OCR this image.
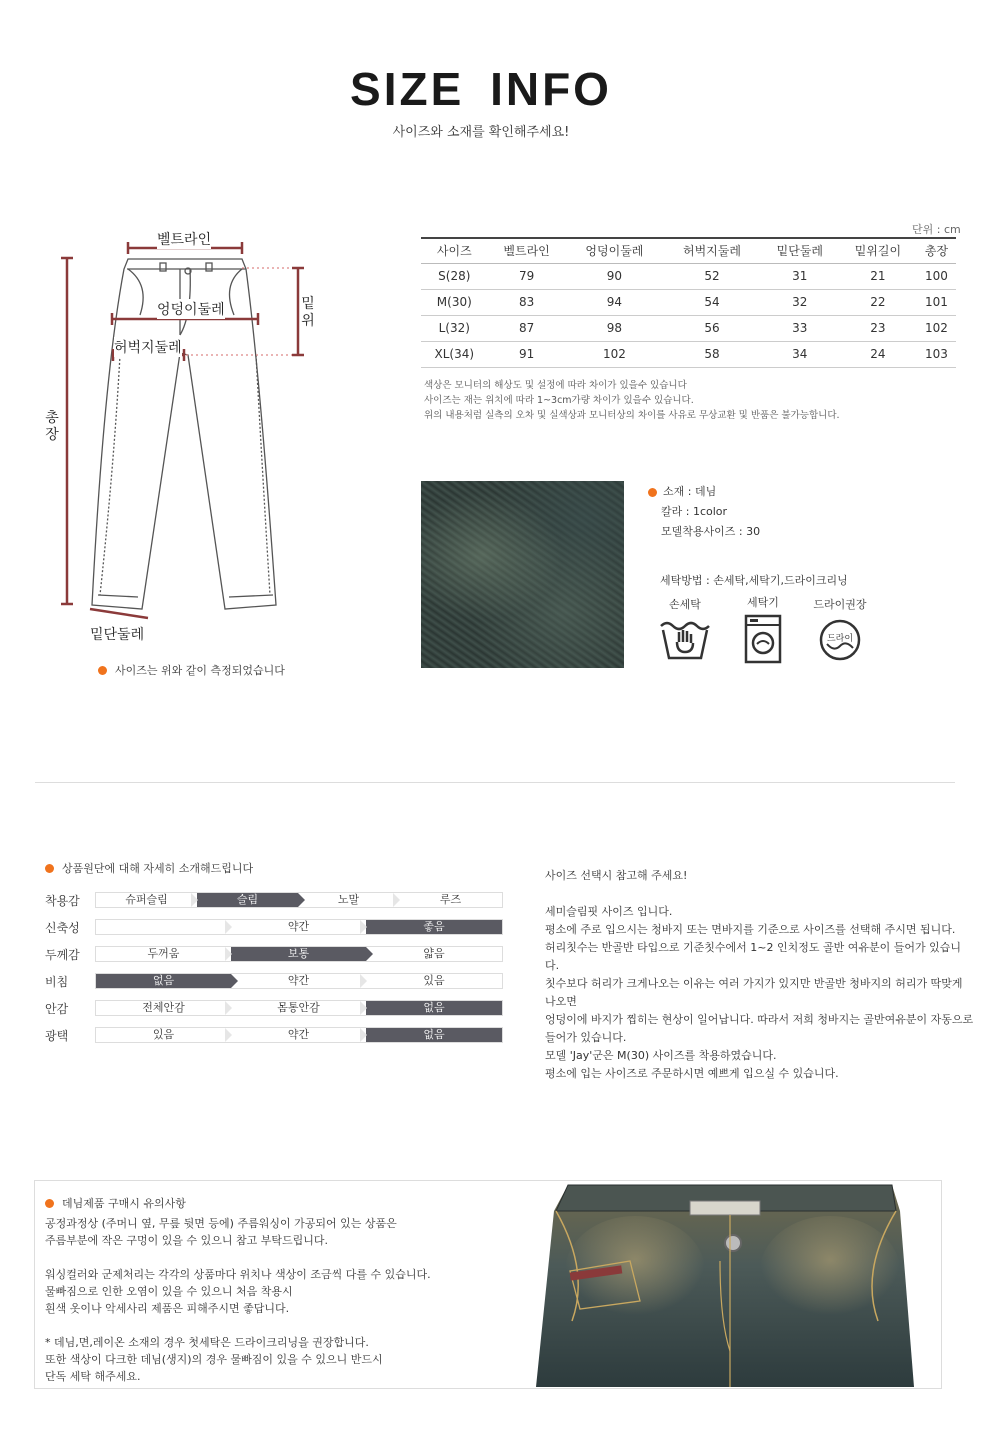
SIZE INFO
사이즈와 소재를 확인해주세요!
벨트라인
엉덩이둘레
허벅지둘레
밑위
총장
밑단둘레
사이즈는 위와 같이 측정되었습니다
단위 : cm
사이즈	벨트라인	엉덩이둘레	허벅지둘레	밑단둘레	밑위길이	총장
S(28)	79	90	52	31	21	100
M(30)	83	94	54	32	22	101
L(32)	87	98	56	33	23	102
XL(34)	91	102	58	34	24	103
색상은 모니터의 해상도 및 설정에 따라 차이가 있을수 있습니다
사이즈는 재는 위치에 따라 1~3cm가량 차이가 있을수 있습니다.
위의 내용처럼 실측의 오차 및 실색상과 모니터상의 차이를 사유로 무상교환 및 반품은 불가능합니다.
소재 : 데님
칼라 : 1color
모델착용사이즈 : 30
세탁방법 : 손세탁,세탁기,드라이크리닝
손세탁	세탁기	드라이권장
드라이
상품원단에 대해 자세히 소개해드립니다
착용감	슈퍼슬림	슬림	노말	루즈
신축성	약간	좋음
두께감	두꺼움	보통	얇음
비침	없음	약간	있음
안감	전체안감	몸통안감	없음
광택	있음	약간	없음
사이즈 선택시 참고해 주세요!
세미슬림핏 사이즈 입니다.
평소에 주로 입으시는 청바지 또는 면바지를 기준으로 사이즈를 선택해 주시면 됩니다.
허리칫수는 반골반 타입으로 기준칫수에서 1~2 인치정도 골반 여유분이 들어가 있습니다.
칫수보다 허리가 크게나오는 이유는 여러 가지가 있지만 반골반 청바지의 허리가 딱맞게 나오면
엉덩이에 바지가 찝히는 현상이 일어납니다. 따라서 저희 청바지는 골반여유분이 자동으로
들어가 있습니다.
모델 'Jay'군은 M(30) 사이즈를 착용하였습니다.
평소에 입는 사이즈로 주문하시면 예쁘게 입으실 수 있습니다.
데님제품 구매시 유의사항
공정과정상 (주머니 옆, 무릎 뒷면 등에) 주름워싱이 가공되어 있는 상품은
주름부분에 작은 구멍이 있을 수 있으니 참고 부탁드립니다.
워싱컬러와 군제처리는 각각의 상품마다 위치나 색상이 조금씩 다를 수 있습니다.
물빠짐으로 인한 오염이 있을 수 있으니 처음 착용시
흰색 옷이나 악세사리 제품은 피해주시면 좋답니다.
* 데님,면,레이온 소재의 경우 첫세탁은 드라이크리닝을 권장합니다.
또한 색상이 다크한 데님(생지)의 경우 물빠짐이 있을 수 있으니 반드시
단독 세탁 해주세요.
